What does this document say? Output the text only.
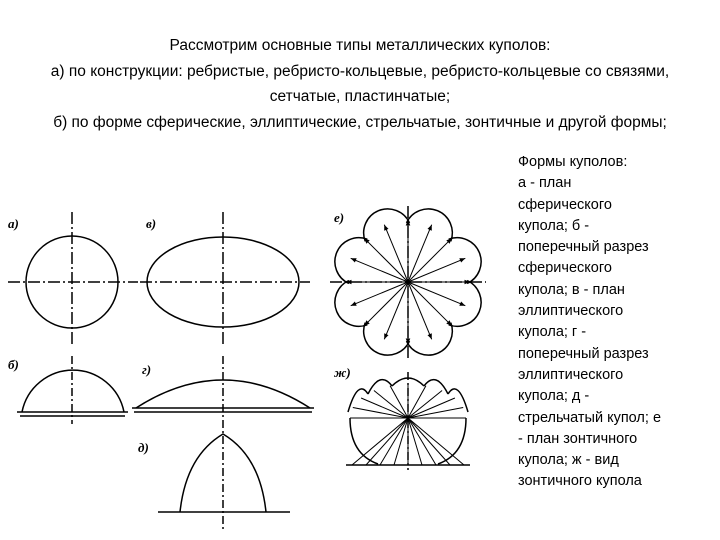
Рассмотрим основные типы металлических куполов:
а) по конструкции: ребристые, ребристо-кольцевые, ребристо-кольцевые со связями,
сетчатые, пластинчатые;
б) по форме сферические, эллиптические, стрельчатые, зонтичные и другой формы;
а)
б)
в)
г)
д)
е)
ж)
Формы куполов:
а - план
сферического
купола; б -
поперечный разрез
сферического
купола; в - план
эллиптического
купола; г -
поперечный разрез
эллиптического
купола; д -
стрельчатый купол; е
- план зонтичного
купола; ж - вид
зонтичного купола
